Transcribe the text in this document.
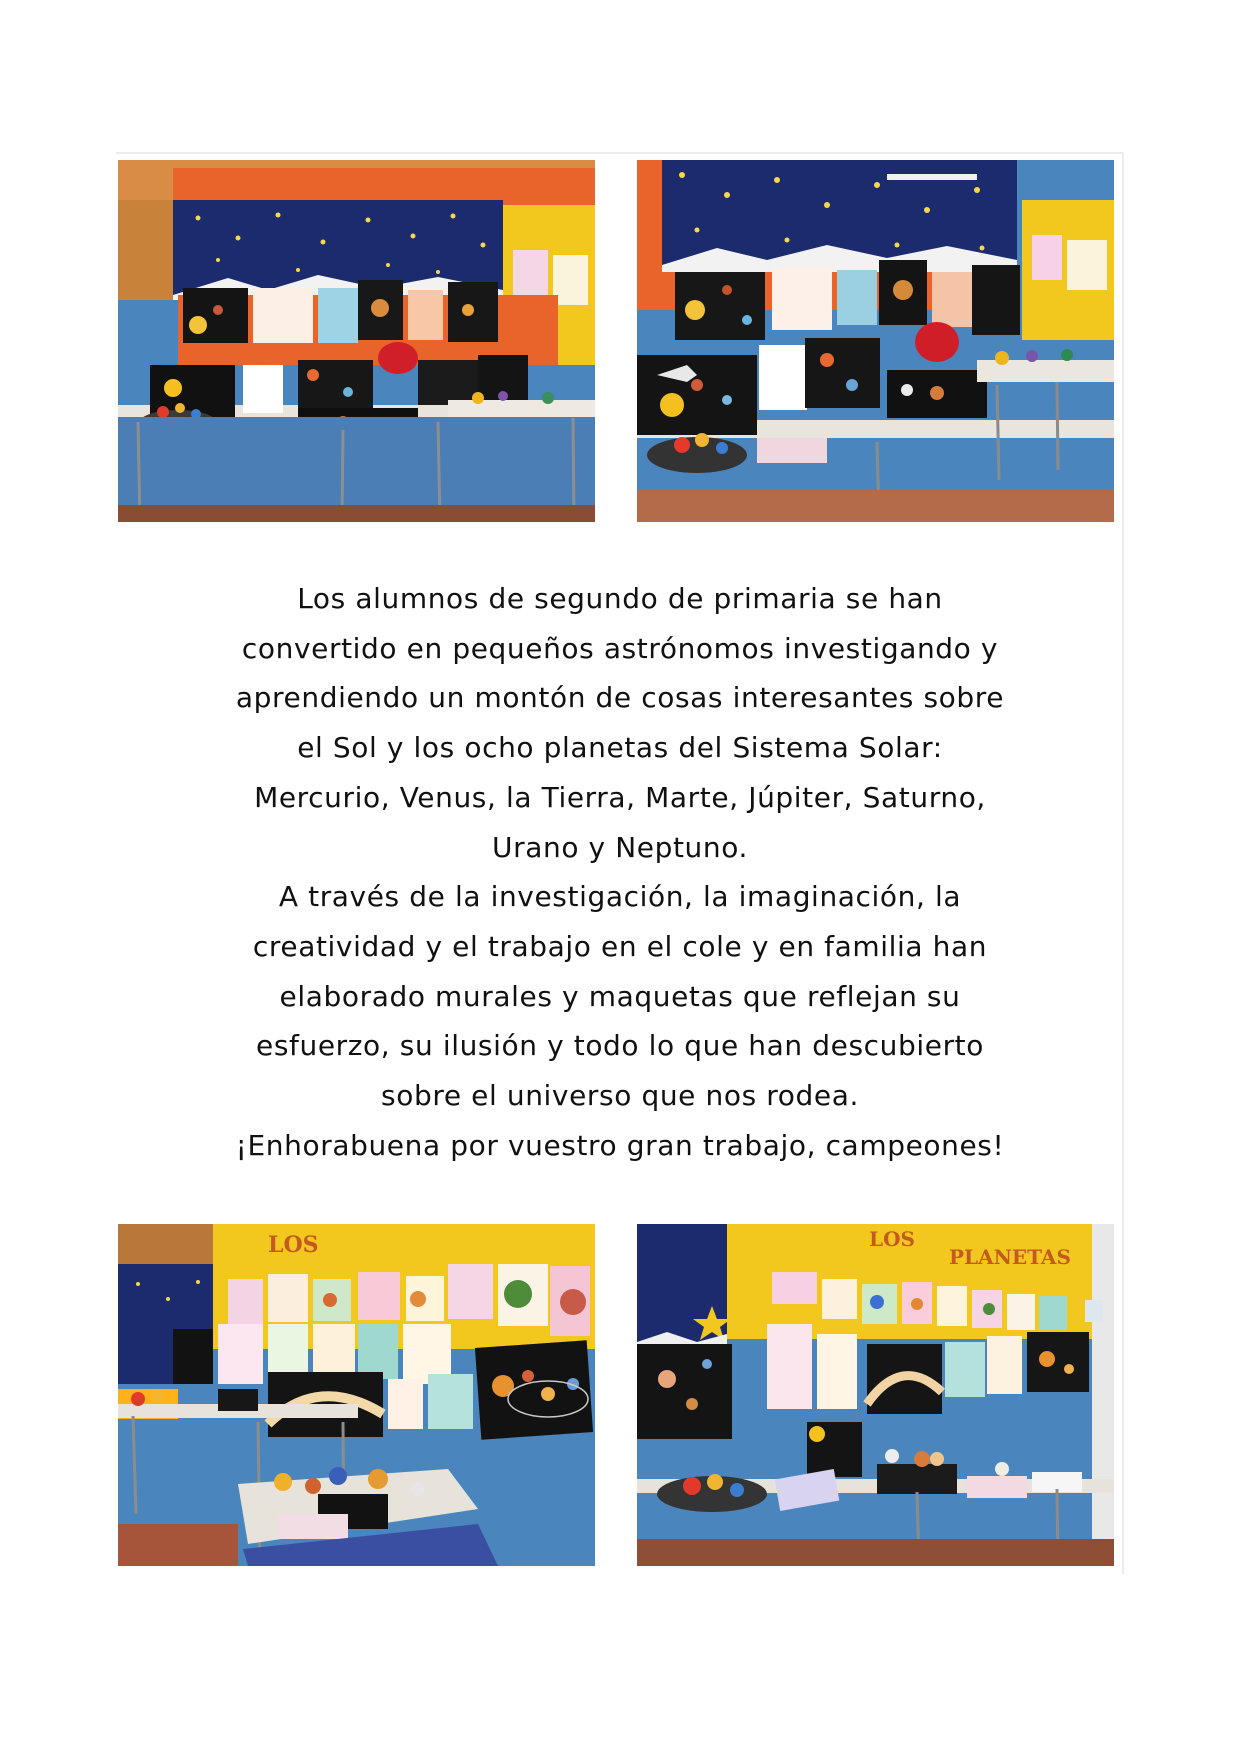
Los alumnos de segundo de primaria se han
convertido en pequeños astrónomos investigando y
aprendiendo un montón de cosas interesantes sobre
el Sol y los ocho planetas del Sistema Solar:
Mercurio, Venus, la Tierra, Marte, Júpiter, Saturno,
Urano y Neptuno.

A través de la investigación, la imaginación, la
creatividad y el trabajo en el cole y en familia han
elaborado murales y maquetas que reflejan su
esfuerzo, su ilusión y todo lo que han descubierto
sobre el universo que nos rodea.

¡Enhorabuena por vuestro gran trabajo, campeones!

LOS	LOS
PLANETAS
